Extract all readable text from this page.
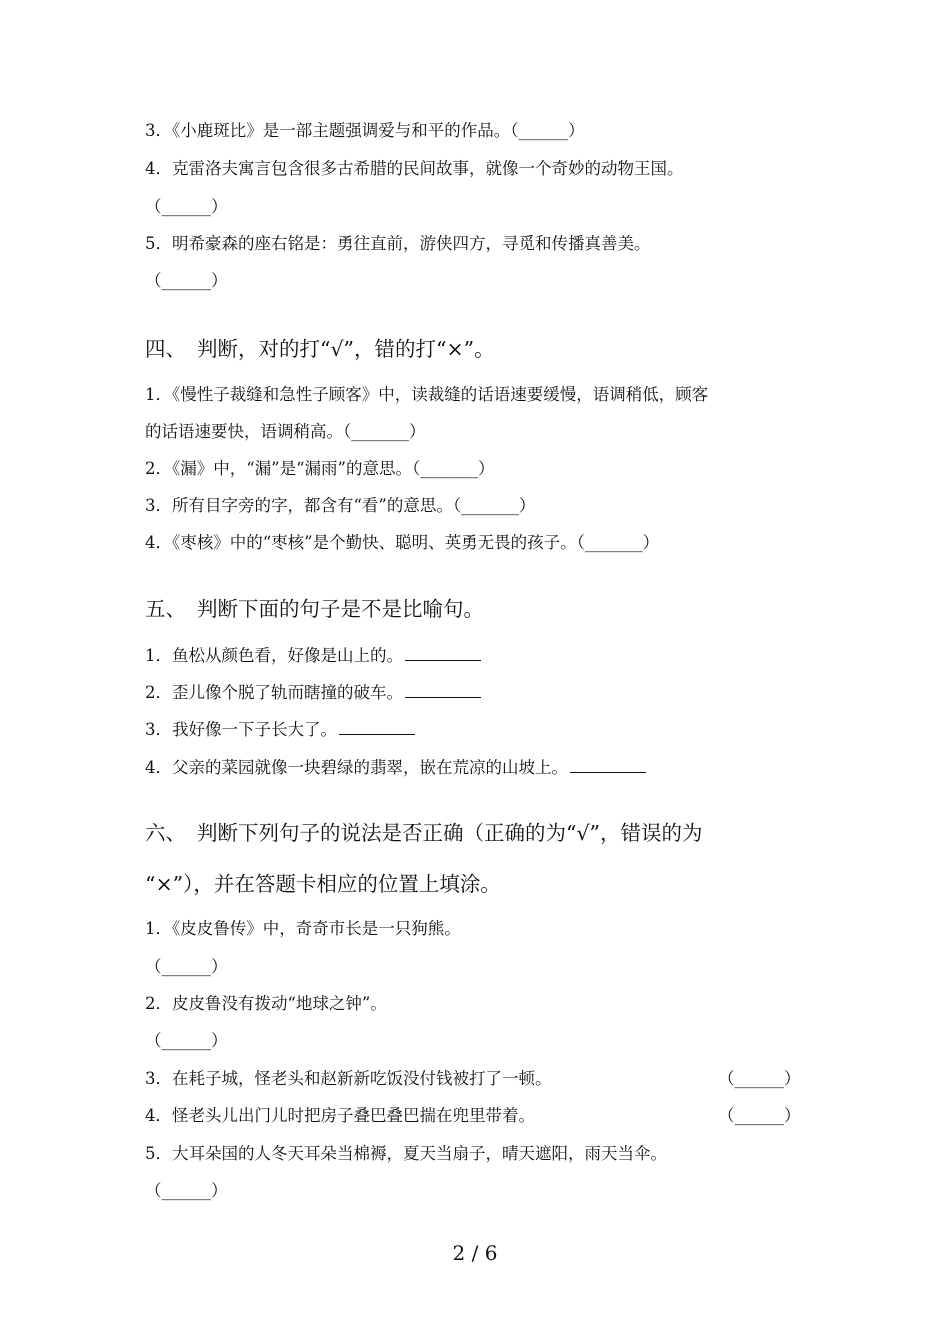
3．《小鹿斑比》是一部主题强调爱与和平的作品。（______）
4．克雷洛夫寓言包含很多古希腊的民间故事，就像一个奇妙的动物王国。
（______）
5．明希豪森的座右铭是：勇往直前，游侠四方，寻觅和传播真善美。
（______）
四、 判断，对的打“√”，错的打“×”。
1．《慢性子裁缝和急性子顾客》中，读裁缝的话语速要缓慢，语调稍低，顾客
的话语速要快，语调稍高。（_______）
2．《漏》中，“漏”是“漏雨”的意思。（_______）
3．所有目字旁的字，都含有“看”的意思。（_______）
4．《枣核》中的“枣核”是个勤快、聪明、英勇无畏的孩子。（_______）
五、 判断下面的句子是不是比喻句。
1．鱼松从颜色看，好像是山上的。
2．歪儿像个脱了轨而瞎撞的破车。
3．我好像一下子长大了。
4．父亲的菜园就像一块碧绿的翡翠，嵌在荒凉的山坡上。
六、 判断下列句子的说法是否正确（正确的为“√”，错误的为
“×”），并在答题卡相应的位置上填涂。
1．《皮皮鲁传》中，奇奇市长是一只狗熊。
（______）
2．皮皮鲁没有拨动“地球之钟”。
（______）
3．在耗子城，怪老头和赵新新吃饭没付钱被打了一顿。	（______）
4．怪老头儿出门儿时把房子叠巴叠巴揣在兜里带着。	（______）
5．大耳朵国的人冬天耳朵当棉褥，夏天当扇子，晴天遮阳，雨天当伞。
（______）
2 / 6
